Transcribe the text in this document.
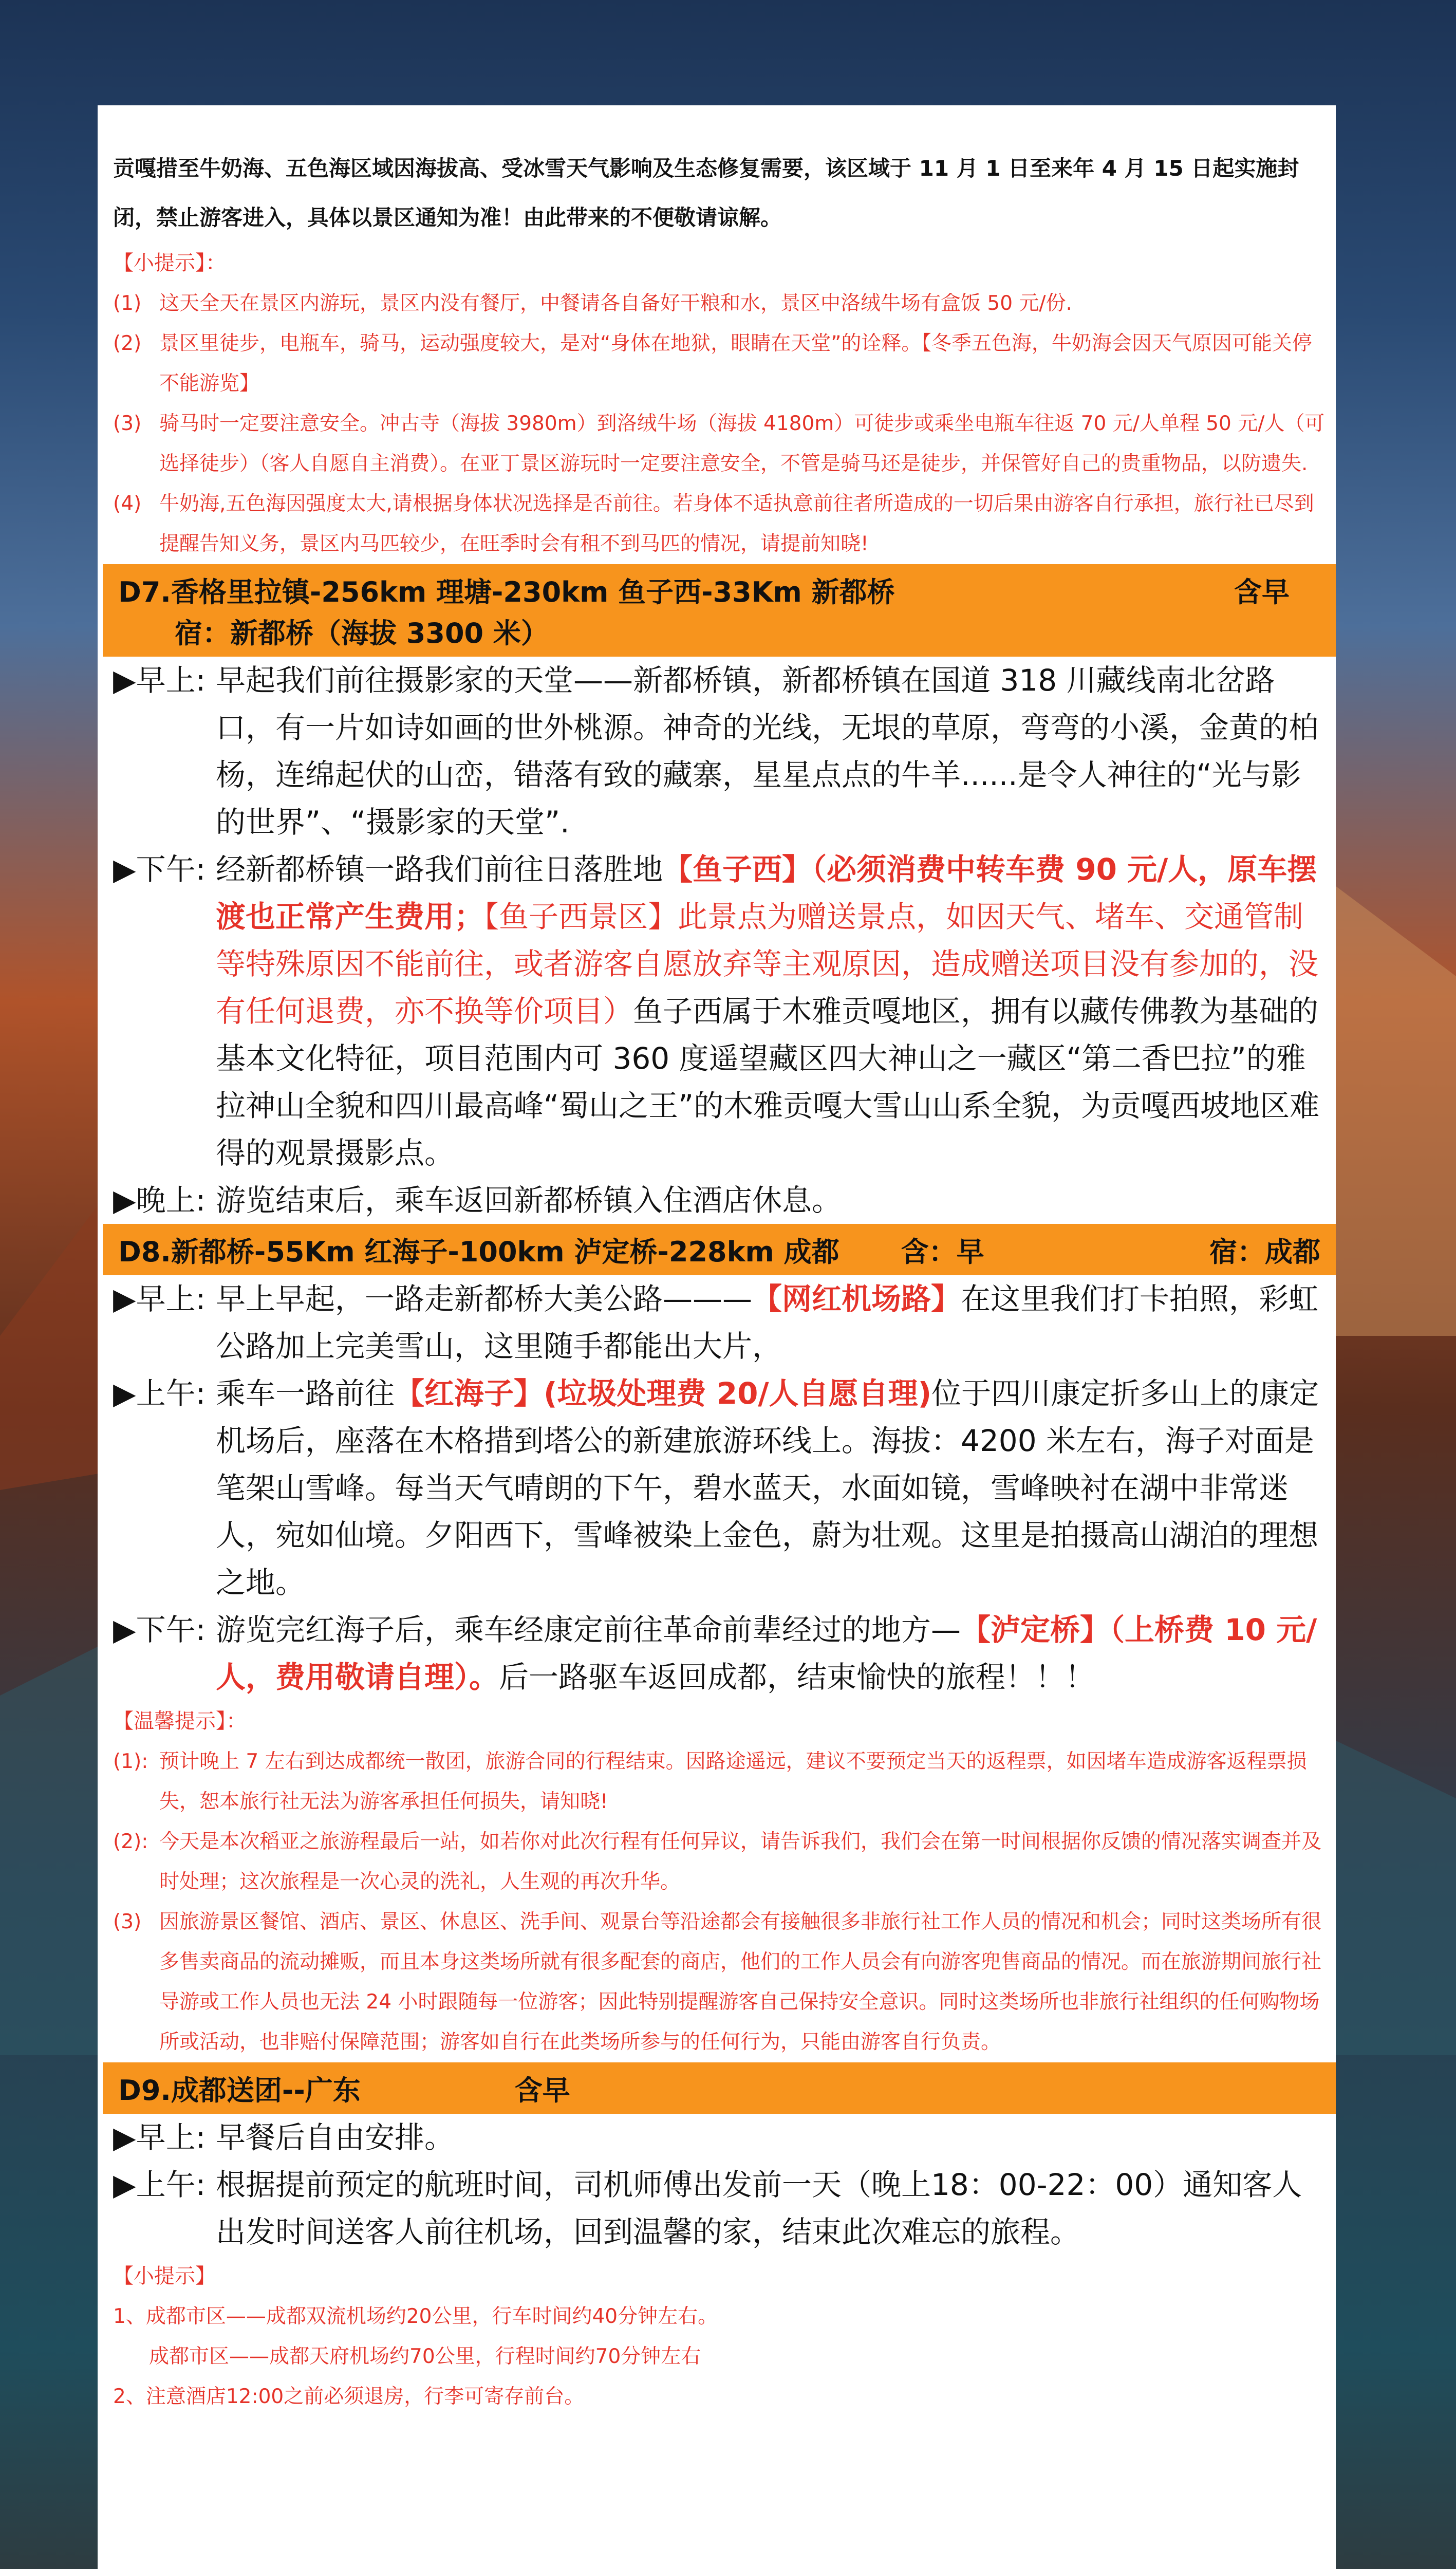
贡嘎措至牛奶海、五色海区域因海拔高、受冰雪天气影响及生态修复需要，该区域于 11 月 1 日至来年 4 月 15 日起实施封闭，禁止游客进入，具体以景区通知为准！由此带来的不便敬请谅解。
【小提示】：
(1) 这天全天在景区内游玩，景区内没有餐厅，中餐请各自备好干粮和水，景区中洛绒牛场有盒饭 50 元/份.
(2) 景区里徒步，电瓶车，骑马，运动强度较大，是对“身体在地狱，眼睛在天堂”的诠释。【冬季五色海，牛奶海会因天气原因可能关停不能游览】
(3) 骑马时一定要注意安全。冲古寺（海拔 3980m）到洛绒牛场（海拔 4180m）可徒步或乘坐电瓶车往返 70 元/人单程 50 元/人（可选择徒步）（客人自愿自主消费）。在亚丁景区游玩时一定要注意安全，不管是骑马还是徒步，并保管好自己的贵重物品，以防遗失.
(4) 牛奶海,五色海因强度太大,请根据身体状况选择是否前往。若身体不适执意前往者所造成的一切后果由游客自行承担，旅行社已尽到提醒告知义务，景区内马匹较少，在旺季时会有租不到马匹的情况，请提前知晓!
D7.香格里拉镇-256km 理塘-230km 鱼子西-33Km 新都桥	含早
宿：新都桥（海拔 3300 米）
▶早上: 早起我们前往摄影家的天堂——新都桥镇，新都桥镇在国道 318 川藏线南北岔路口，有一片如诗如画的世外桃源。神奇的光线，无垠的草原，弯弯的小溪，金黄的柏杨，连绵起伏的山峦，错落有致的藏寨，星星点点的牛羊......是令人神往的“光与影的世界”、“摄影家的天堂”.
▶下午: 经新都桥镇一路我们前往日落胜地【鱼子西】（必须消费中转车费 90 元/人，原车摆渡也正常产生费用；【鱼子西景区】此景点为赠送景点，如因天气、堵车、交通管制等特殊原因不能前往，或者游客自愿放弃等主观原因，造成赠送项目没有参加的，没有任何退费，亦不换等价项目）鱼子西属于木雅贡嘎地区，拥有以藏传佛教为基础的基本文化特征，项目范围内可 360 度遥望藏区四大神山之一藏区“第二香巴拉”的雅拉神山全貌和四川最高峰“蜀山之王”的木雅贡嘎大雪山山系全貌，为贡嘎西坡地区难得的观景摄影点。
▶晚上: 游览结束后，乘车返回新都桥镇入住酒店休息。
D8.新都桥-55Km 红海子-100km 泸定桥-228km 成都 含：早	宿：成都
▶早上: 早上早起，一路走新都桥大美公路———【网红机场路】在这里我们打卡拍照，彩虹公路加上完美雪山，这里随手都能出大片，
▶上午: 乘车一路前往【红海子】(垃圾处理费 20/人自愿自理)位于四川康定折多山上的康定机场后，座落在木格措到塔公的新建旅游环线上。海拔：4200 米左右，海子对面是笔架山雪峰。每当天气晴朗的下午，碧水蓝天，水面如镜，雪峰映衬在湖中非常迷人，宛如仙境。夕阳西下，雪峰被染上金色，蔚为壮观。这里是拍摄高山湖泊的理想之地。
▶下午: 游览完红海子后，乘车经康定前往革命前辈经过的地方—【泸定桥】（上桥费 10 元/人，费用敬请自理）。后一路驱车返回成都，结束愉快的旅程！！！
【温馨提示】：
(1): 预计晚上 7 左右到达成都统一散团，旅游合同的行程结束。因路途遥远，建议不要预定当天的返程票，如因堵车造成游客返程票损失，恕本旅行社无法为游客承担任何损失，请知晓!
(2): 今天是本次稻亚之旅游程最后一站，如若你对此次行程有任何异议，请告诉我们，我们会在第一时间根据你反馈的情况落实调查并及时处理；这次旅程是一次心灵的洗礼，人生观的再次升华。
(3) 因旅游景区餐馆、酒店、景区、休息区、洗手间、观景台等沿途都会有接触很多非旅行社工作人员的情况和机会；同时这类场所有很多售卖商品的流动摊贩，而且本身这类场所就有很多配套的商店，他们的工作人员会有向游客兜售商品的情况。而在旅游期间旅行社导游或工作人员也无法 24 小时跟随每一位游客；因此特别提醒游客自己保持安全意识。同时这类场所也非旅行社组织的任何购物场所或活动，也非赔付保障范围；游客如自行在此类场所参与的任何行为，只能由游客自行负责。
D9.成都送团--广东	含早
▶早上: 早餐后自由安排。
▶上午: 根据提前预定的航班时间，司机师傅出发前一天（晚上18：00-22：00）通知客人出发时间送客人前往机场，回到温馨的家，结束此次难忘的旅程。
【小提示】
1、成都市区——成都双流机场约20公里，行车时间约40分钟左右。
成都市区——成都天府机场约70公里，行程时间约70分钟左右
2、注意酒店12:00之前必须退房，行李可寄存前台。
